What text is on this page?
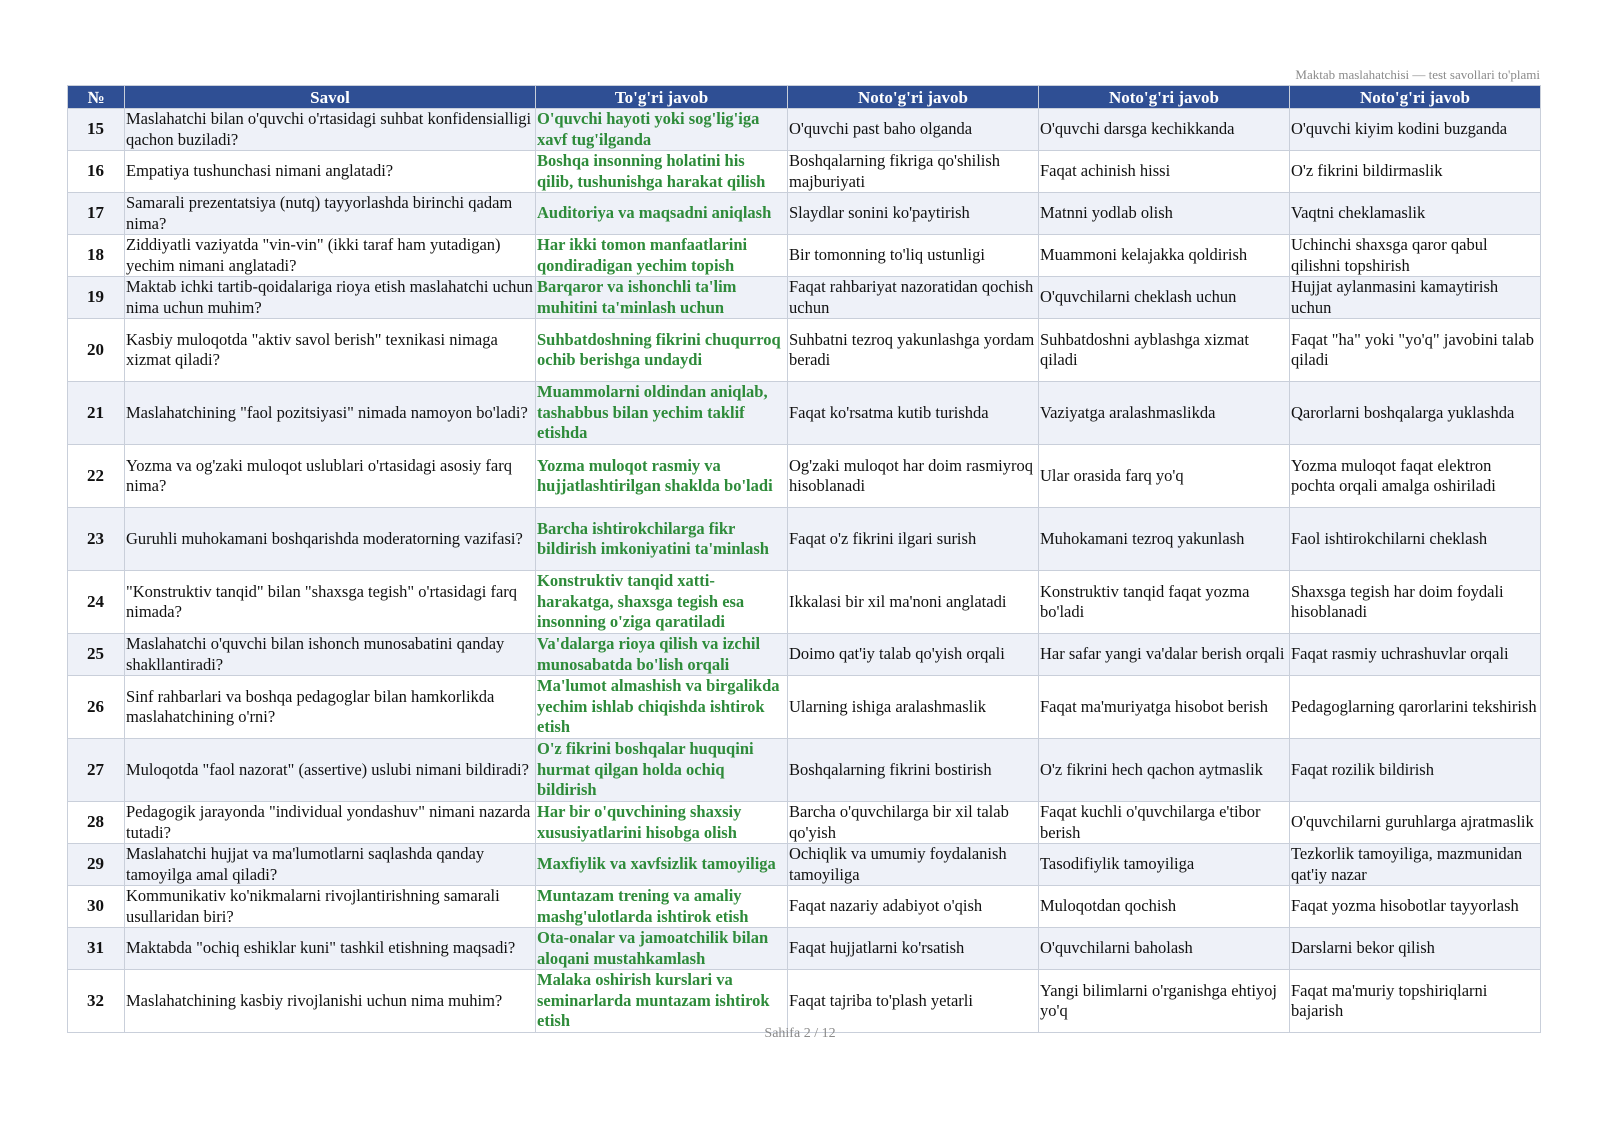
Maktab maslahatchisi — test savollari to'plami
№	Savol	To'g'ri javob	Noto'g'ri javob	Noto'g'ri javob	Noto'g'ri javob
15	Maslahatchi bilan o'quvchi o'rtasidagi suhbat konfidensialligi qachon buziladi?	O'quvchi hayoti yoki sog'lig'iga xavf tug'ilganda	O'quvchi past baho olganda	O'quvchi darsga kechikkanda	O'quvchi kiyim kodini buzganda
16	Empatiya tushunchasi nimani anglatadi?	Boshqa insonning holatini his qilib, tushunishga harakat qilish	Boshqalarning fikriga qo'shilish majburiyati	Faqat achinish hissi	O'z fikrini bildirmaslik
17	Samarali prezentatsiya (nutq) tayyorlashda birinchi qadam nima?	Auditoriya va maqsadni aniqlash	Slaydlar sonini ko'paytirish	Matnni yodlab olish	Vaqtni cheklamaslik
18	Ziddiyatli vaziyatda "vin-vin" (ikki taraf ham yutadigan) yechim nimani anglatadi?	Har ikki tomon manfaatlarini qondiradigan yechim topish	Bir tomonning to'liq ustunligi	Muammoni kelajakka qoldirish	Uchinchi shaxsga qaror qabul qilishni topshirish
19	Maktab ichki tartib-qoidalariga rioya etish maslahatchi uchun nima uchun muhim?	Barqaror va ishonchli ta'lim muhitini ta'minlash uchun	Faqat rahbariyat nazoratidan qochish uchun	O'quvchilarni cheklash uchun	Hujjat aylanmasini kamaytirish uchun
20	Kasbiy muloqotda "aktiv savol berish" texnikasi nimaga xizmat qiladi?	Suhbatdoshning fikrini chuqurroq ochib berishga undaydi	Suhbatni tezroq yakunlashga yordam beradi	Suhbatdoshni ayblashga xizmat qiladi	Faqat "ha" yoki "yo'q" javobini talab qiladi
21	Maslahatchining "faol pozitsiyasi" nimada namoyon bo'ladi?	Muammolarni oldindan aniqlab, tashabbus bilan yechim taklif etishda	Faqat ko'rsatma kutib turishda	Vaziyatga aralashmaslikda	Qarorlarni boshqalarga yuklashda
22	Yozma va og'zaki muloqot uslublari o'rtasidagi asosiy farq nima?	Yozma muloqot rasmiy va hujjatlashtirilgan shaklda bo'ladi	Og'zaki muloqot har doim rasmiyroq hisoblanadi	Ular orasida farq yo'q	Yozma muloqot faqat elektron pochta orqali amalga oshiriladi
23	Guruhli muhokamani boshqarishda moderatorning vazifasi?	Barcha ishtirokchilarga fikr bildirish imkoniyatini ta'minlash	Faqat o'z fikrini ilgari surish	Muhokamani tezroq yakunlash	Faol ishtirokchilarni cheklash
24	"Konstruktiv tanqid" bilan "shaxsga tegish" o'rtasidagi farq nimada?	Konstruktiv tanqid xatti-harakatga, shaxsga tegish esa insonning o'ziga qaratiladi	Ikkalasi bir xil ma'noni anglatadi	Konstruktiv tanqid faqat yozma bo'ladi	Shaxsga tegish har doim foydali hisoblanadi
25	Maslahatchi o'quvchi bilan ishonch munosabatini qanday shakllantiradi?	Va'dalarga rioya qilish va izchil munosabatda bo'lish orqali	Doimo qat'iy talab qo'yish orqali	Har safar yangi va'dalar berish orqali	Faqat rasmiy uchrashuvlar orqali
26	Sinf rahbarlari va boshqa pedagoglar bilan hamkorlikda maslahatchining o'rni?	Ma'lumot almashish va birgalikda yechim ishlab chiqishda ishtirok etish	Ularning ishiga aralashmaslik	Faqat ma'muriyatga hisobot berish	Pedagoglarning qarorlarini tekshirish
27	Muloqotda "faol nazorat" (assertive) uslubi nimani bildiradi?	O'z fikrini boshqalar huquqini hurmat qilgan holda ochiq bildirish	Boshqalarning fikrini bostirish	O'z fikrini hech qachon aytmaslik	Faqat rozilik bildirish
28	Pedagogik jarayonda "individual yondashuv" nimani nazarda tutadi?	Har bir o'quvchining shaxsiy xususiyatlarini hisobga olish	Barcha o'quvchilarga bir xil talab qo'yish	Faqat kuchli o'quvchilarga e'tibor berish	O'quvchilarni guruhlarga ajratmaslik
29	Maslahatchi hujjat va ma'lumotlarni saqlashda qanday tamoyilga amal qiladi?	Maxfiylik va xavfsizlik tamoyiliga	Ochiqlik va umumiy foydalanish tamoyiliga	Tasodifiylik tamoyiliga	Tezkorlik tamoyiliga, mazmunidan qat'iy nazar
30	Kommunikativ ko'nikmalarni rivojlantirishning samarali usullaridan biri?	Muntazam trening va amaliy mashg'ulotlarda ishtirok etish	Faqat nazariy adabiyot o'qish	Muloqotdan qochish	Faqat yozma hisobotlar tayyorlash
31	Maktabda "ochiq eshiklar kuni" tashkil etishning maqsadi?	Ota-onalar va jamoatchilik bilan aloqani mustahkamlash	Faqat hujjatlarni ko'rsatish	O'quvchilarni baholash	Darslarni bekor qilish
32	Maslahatchining kasbiy rivojlanishi uchun nima muhim?	Malaka oshirish kurslari va seminarlarda muntazam ishtirok etish	Faqat tajriba to'plash yetarli	Yangi bilimlarni o'rganishga ehtiyoj yo'q	Faqat ma'muriy topshiriqlarni bajarish
Sahifa 2 / 12
